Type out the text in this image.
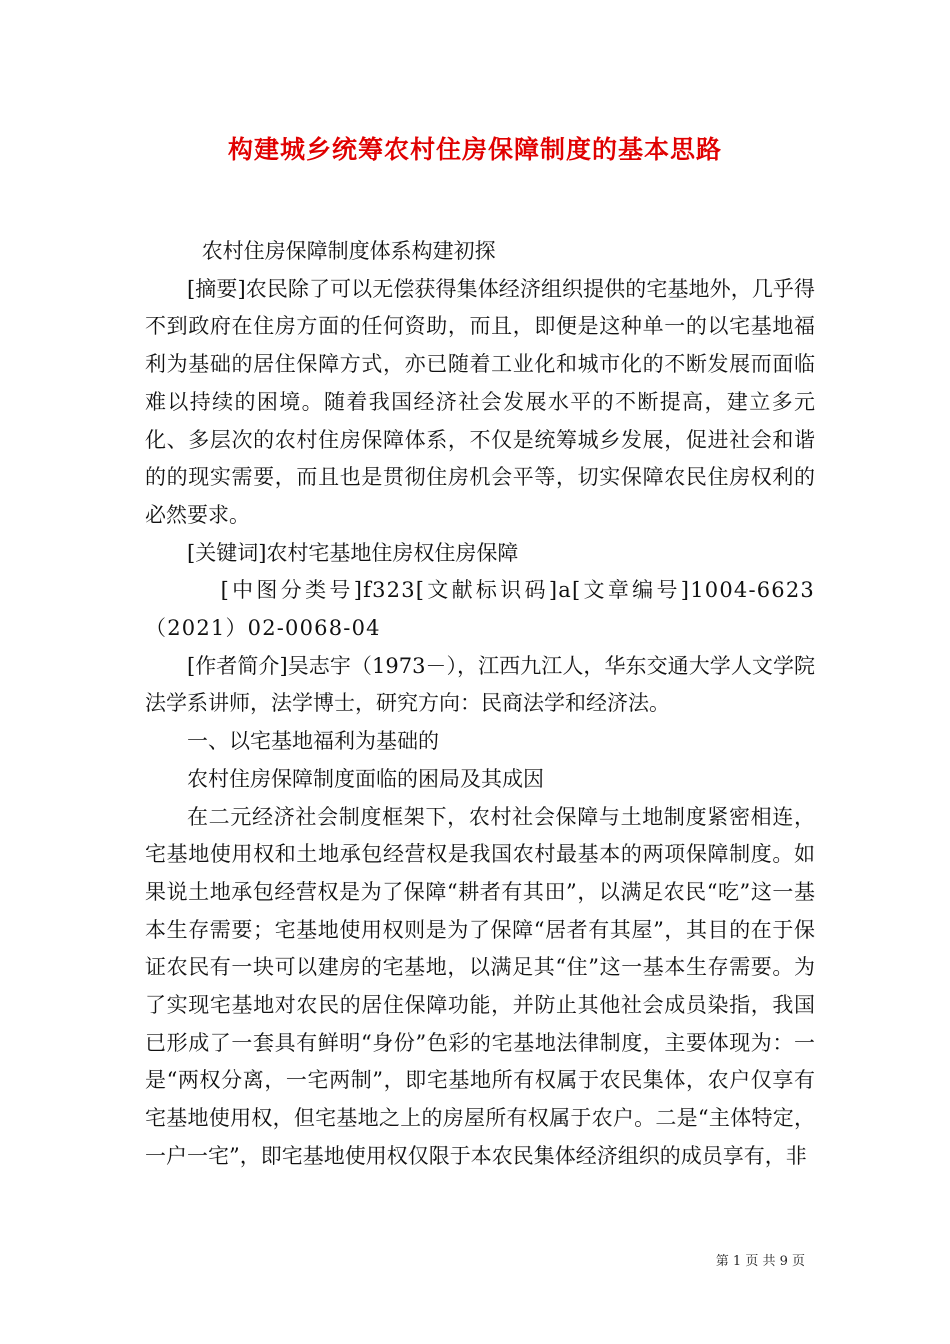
构建城乡统筹农村住房保障制度的基本思路

农村住房保障制度体系构建初探

[摘要]农民除了可以无偿获得集体经济组织提供的宅基地外，几乎得不到政府在住房方面的任何资助，而且，即便是这种单一的以宅基地福利为基础的居住保障方式，亦已随着工业化和城市化的不断发展而面临难以持续的困境。随着我国经济社会发展水平的不断提高，建立多元化、多层次的农村住房保障体系，不仅是统筹城乡发展，促进社会和谐的的现实需要，而且也是贯彻住房机会平等，切实保障农民住房权利的必然要求。

[关键词]农村宅基地住房权住房保障

[中图分类号]f323[文献标识码]a[文章编号]1004-6623（2021）02-0068-04

[作者简介]吴志宇（1973－），江西九江人，华东交通大学人文学院法学系讲师，法学博士，研究方向：民商法学和经济法。

一、以宅基地福利为基础的

农村住房保障制度面临的困局及其成因

在二元经济社会制度框架下，农村社会保障与土地制度紧密相连，宅基地使用权和土地承包经营权是我国农村最基本的两项保障制度。如果说土地承包经营权是为了保障“耕者有其田”，以满足农民“吃”这一基本生存需要；宅基地使用权则是为了保障“居者有其屋”，其目的在于保证农民有一块可以建房的宅基地，以满足其“住”这一基本生存需要。为了实现宅基地对农民的居住保障功能，并防止其他社会成员染指，我国已形成了一套具有鲜明“身份”色彩的宅基地法律制度，主要体现为：一是“两权分离，一宅两制”，即宅基地所有权属于农民集体，农户仅享有宅基地使用权，但宅基地之上的房屋所有权属于农户。二是“主体特定，一户一宅”，即宅基地使用权仅限于本农民集体经济组织的成员享有，非

第 1 页 共 9 页
